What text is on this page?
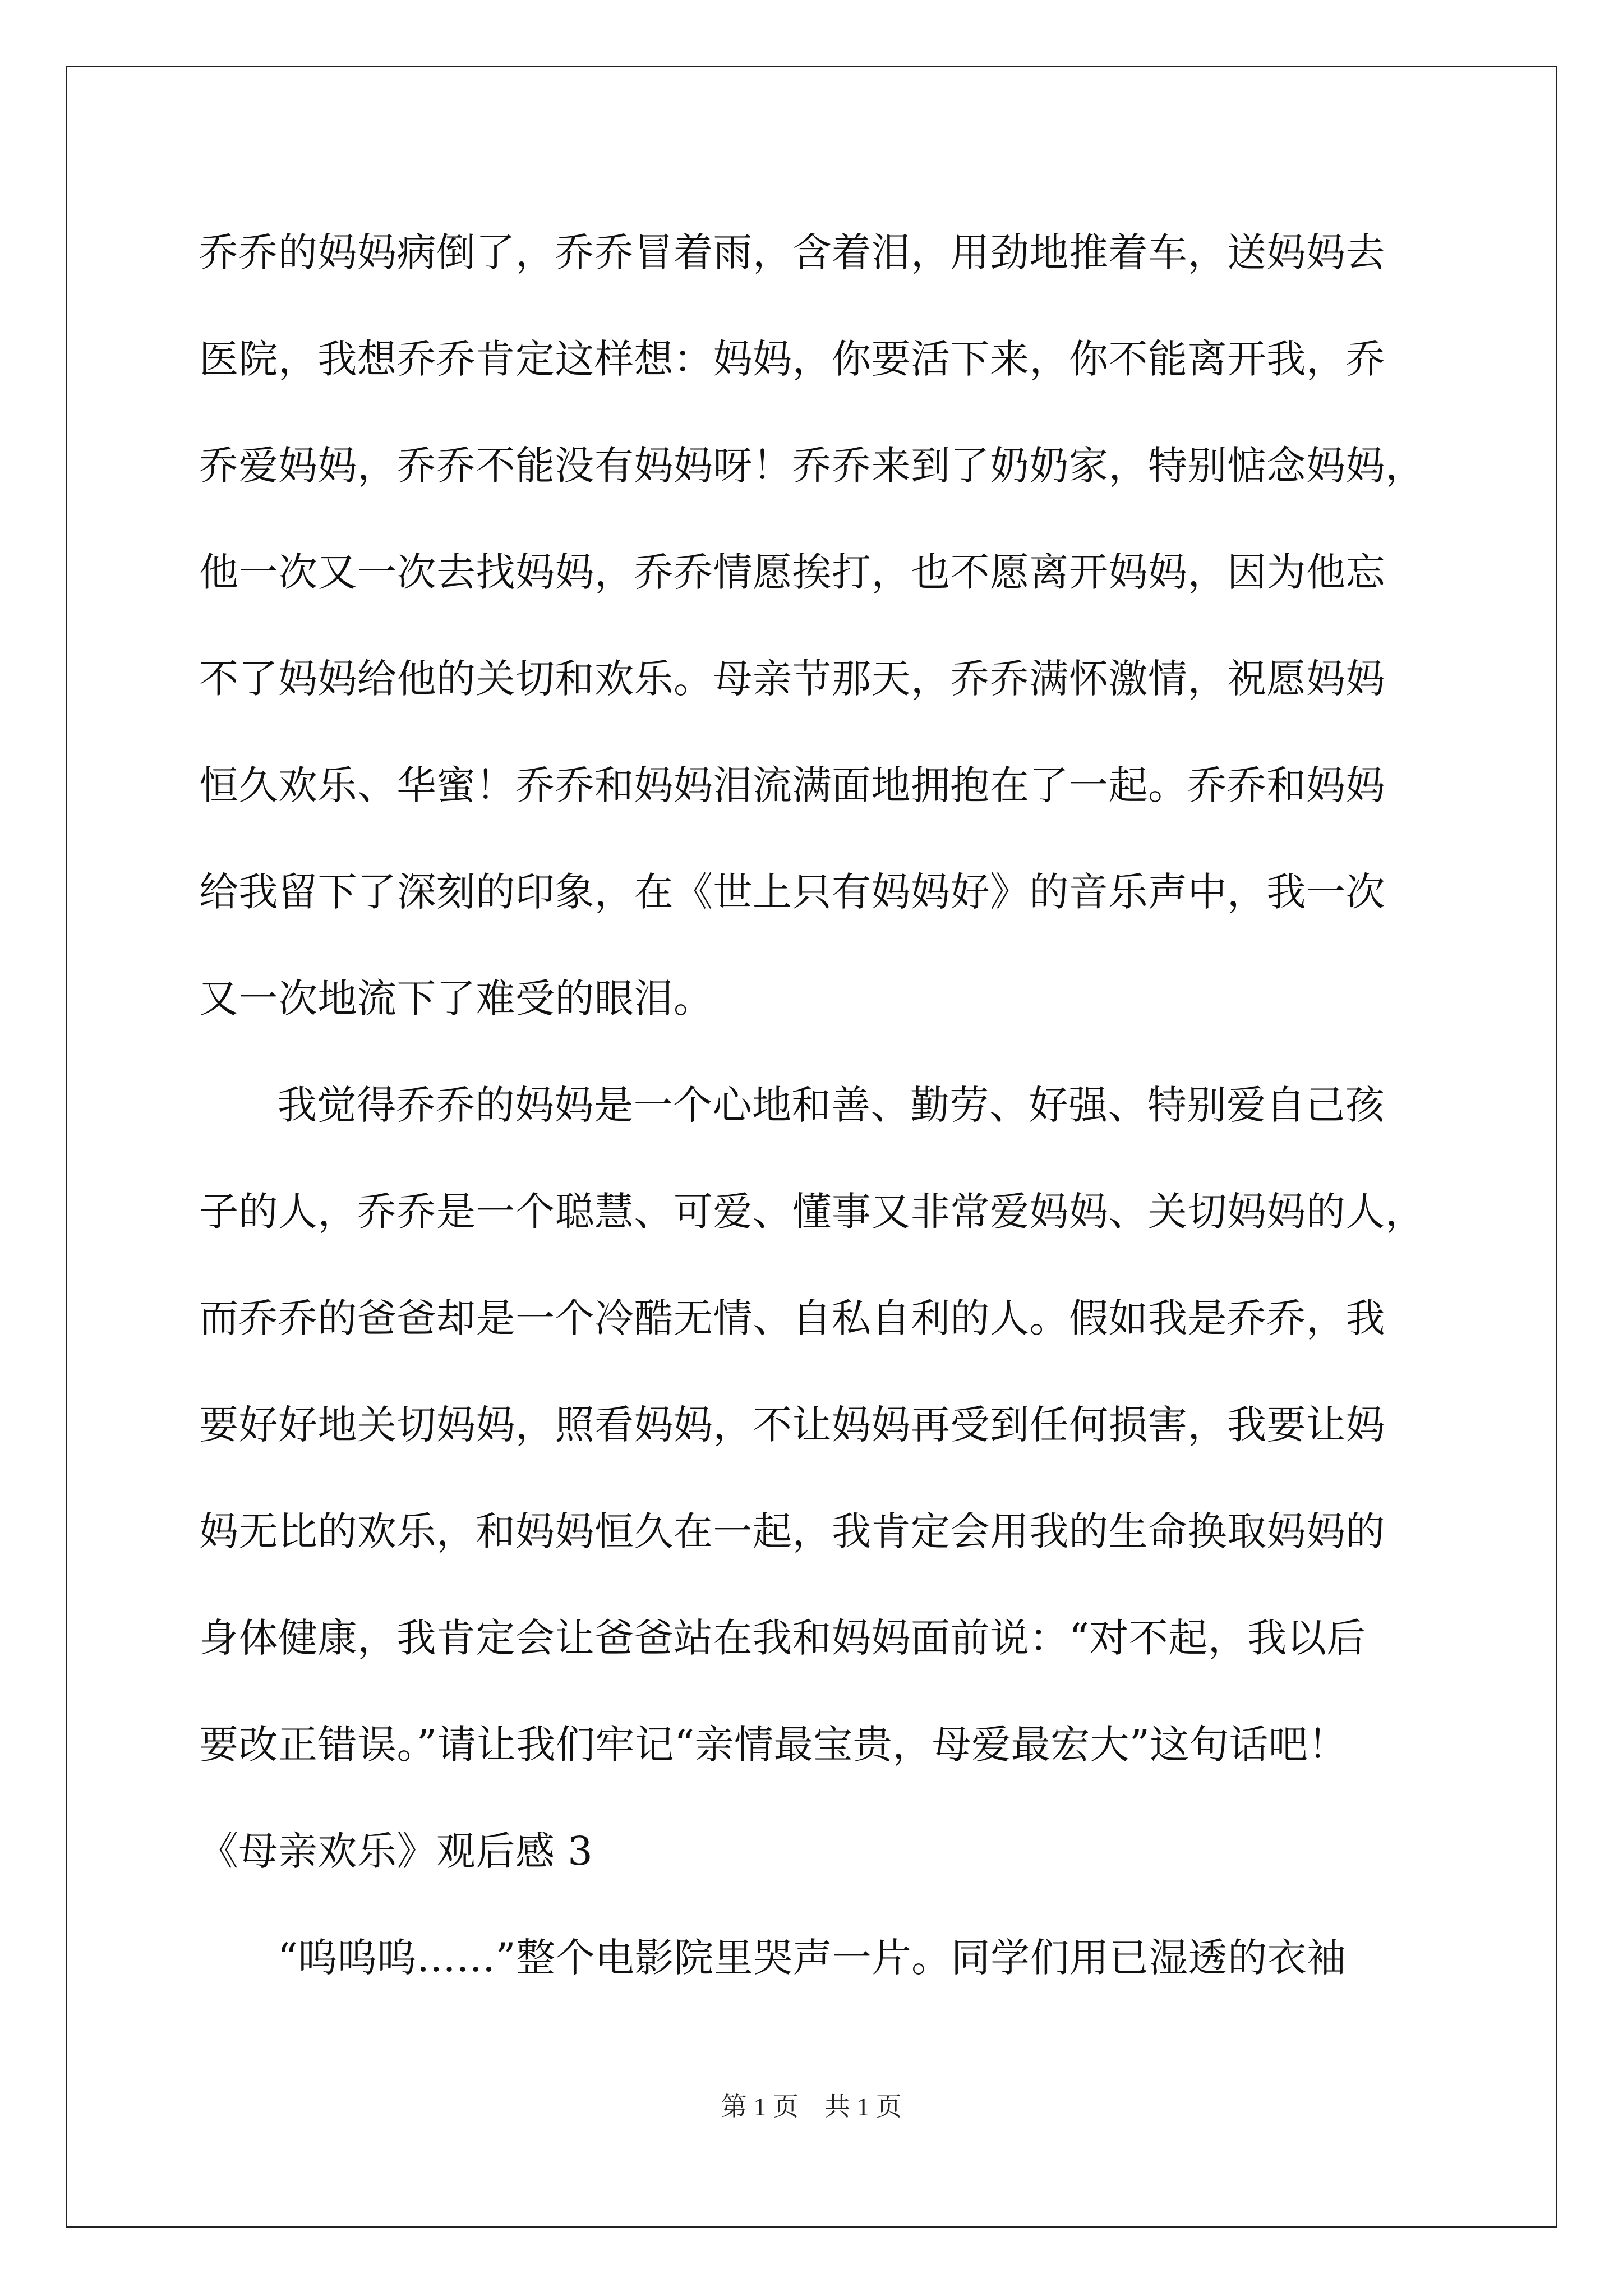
乔乔的妈妈病倒了，乔乔冒着雨，含着泪，用劲地推着车，送妈妈去
医院，我想乔乔肯定这样想：妈妈，你要活下来，你不能离开我，乔
乔爱妈妈，乔乔不能没有妈妈呀！乔乔来到了奶奶家，特别惦念妈妈，
他一次又一次去找妈妈，乔乔情愿挨打，也不愿离开妈妈，因为他忘
不了妈妈给他的关切和欢乐。母亲节那天，乔乔满怀激情，祝愿妈妈
恒久欢乐、华蜜！乔乔和妈妈泪流满面地拥抱在了一起。乔乔和妈妈
给我留下了深刻的印象，在《世上只有妈妈好》的音乐声中，我一次
又一次地流下了难受的眼泪。
我觉得乔乔的妈妈是一个心地和善、勤劳、好强、特别爱自己孩
子的人，乔乔是一个聪慧、可爱、懂事又非常爱妈妈、关切妈妈的人，
而乔乔的爸爸却是一个冷酷无情、自私自利的人。假如我是乔乔，我
要好好地关切妈妈，照看妈妈，不让妈妈再受到任何损害，我要让妈
妈无比的欢乐，和妈妈恒久在一起，我肯定会用我的生命换取妈妈的
身体健康，我肯定会让爸爸站在我和妈妈面前说：“对不起，我以后
要改正错误。”请让我们牢记“亲情最宝贵，母爱最宏大”这句话吧！
《母亲欢乐》观后感 3
“呜呜呜……”整个电影院里哭声一片。同学们用已湿透的衣袖
第 1 页　共 1 页
